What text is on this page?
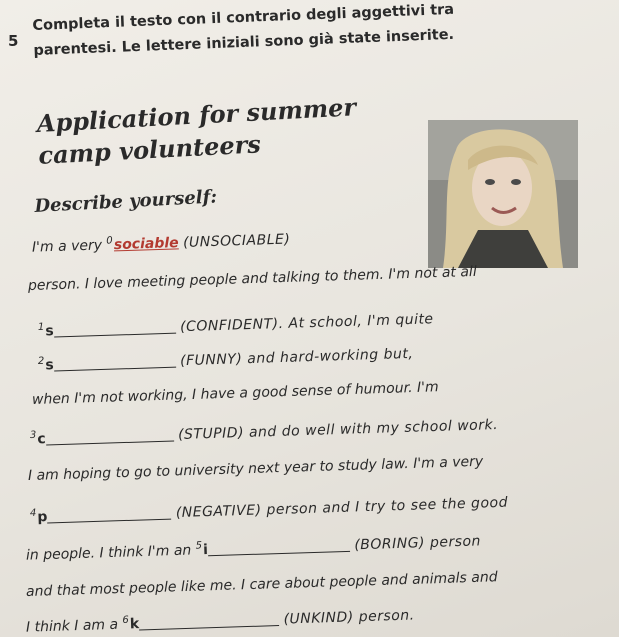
5
Completa il testo con il contrario degli aggettivi tra
parentesi. Le lettere iniziali sono già state inserite.
Application for summer
camp volunteers
Describe yourself:
I'm a very $^0$sociable (UNSOCIABLE)
person. I love meeting people and talking to them. I'm not at all
$^1$s	(CONFIDENT). At school, I'm quite
$^2$s	(FUNNY) and hard-working but,
when I'm not working, I have a good sense of humour. I'm
$^3$c	(STUPID) and do well with my school work.
I am hoping to go to university next year to study law. I'm a very
$^4$p	(NEGATIVE) person and I try to see the good
in people. I think I'm an $^5$i	(BORING) person
and that most people like me. I care about people and animals and
I think I am a $^6$k	(UNKIND) person.
